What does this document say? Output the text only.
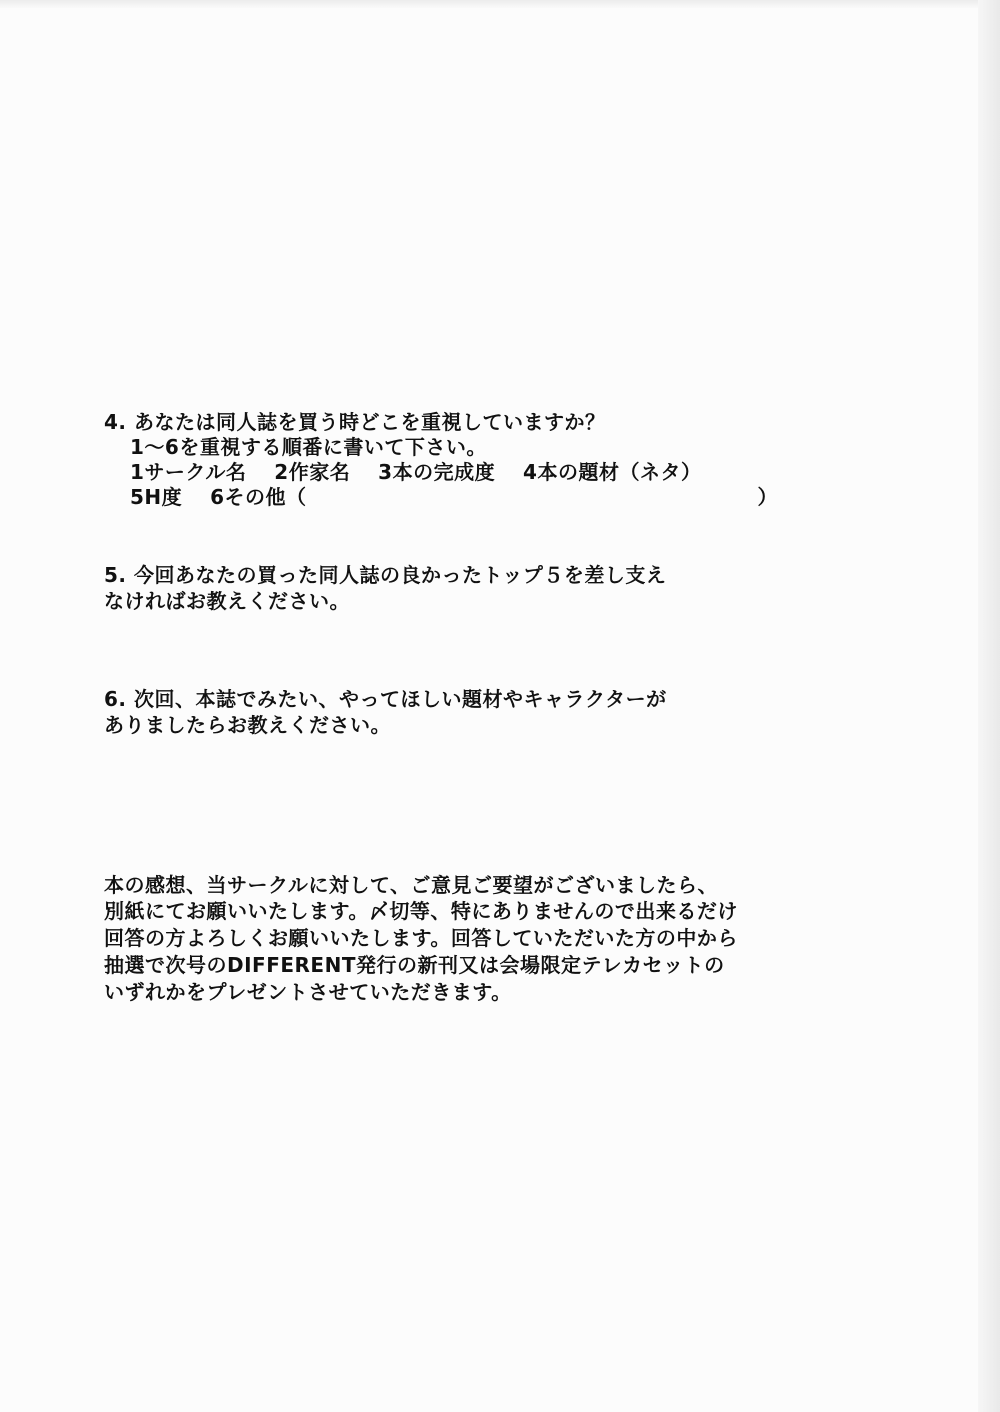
4. あなたは同人誌を買う時どこを重視していますか？
1～6を重視する順番に書いて下さい。
1サークル名　 2作家名　 3本の完成度　 4本の題材（ネタ）
5H度　 6その他（　　　　　　　　　　　　　　　　　　　　　　）
5. 今回あなたの買った同人誌の良かったトップ５を差し支え
なければお教えください。
6. 次回、本誌でみたい、やってほしい題材やキャラクターが
ありましたらお教えください。
本の感想、当サークルに対して、ご意見ご要望がございましたら、
別紙にてお願いいたします。〆切等、特にありませんので出来るだけ
回答の方よろしくお願いいたします。回答していただいた方の中から
抽選で次号のDIFFERENT発行の新刊又は会場限定テレカセットの
いずれかをプレゼントさせていただきます。
